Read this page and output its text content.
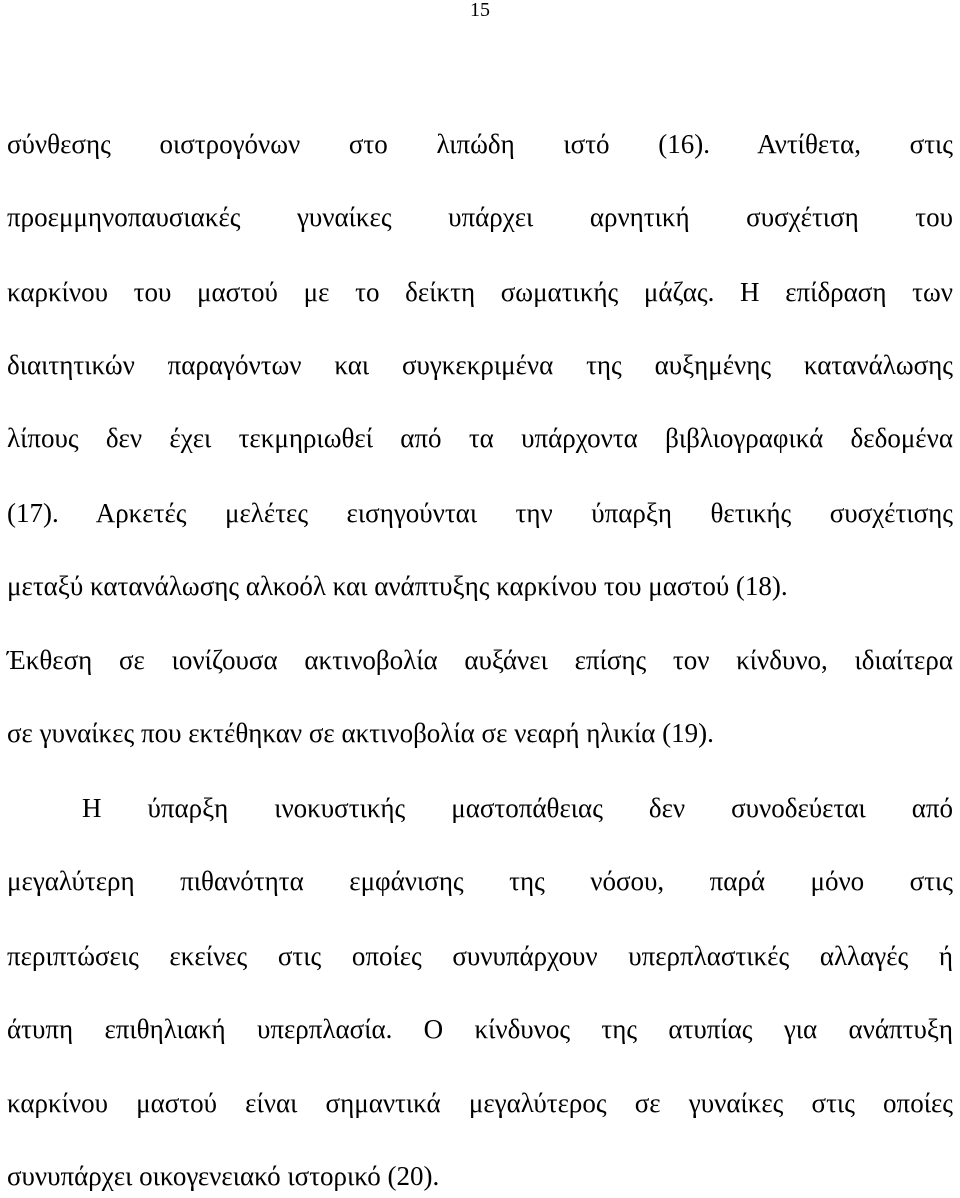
15
σύνθεσης οιστρογόνων στο λιπώδη ιστό (16). Αντίθετα, στις
προεμμηνοπαυσιακές γυναίκες υπάρχει αρνητική συσχέτιση του
καρκίνου του μαστού με το δείκτη σωματικής μάζας. Η επίδραση των
διαιτητικών παραγόντων και συγκεκριμένα της αυξημένης κατανάλωσης
λίπους δεν έχει τεκμηριωθεί από τα υπάρχοντα βιβλιογραφικά δεδομένα
(17). Αρκετές μελέτες εισηγούνται την ύπαρξη θετικής συσχέτισης
μεταξύ κατανάλωσης αλκοόλ και ανάπτυξης καρκίνου του μαστού (18).
Έκθεση σε ιονίζουσα ακτινοβολία αυξάνει επίσης τον κίνδυνο, ιδιαίτερα
σε γυναίκες που εκτέθηκαν σε ακτινοβολία σε νεαρή ηλικία (19).
Η ύπαρξη ινοκυστικής μαστοπάθειας δεν συνοδεύεται από
μεγαλύτερη πιθανότητα εμφάνισης της νόσου, παρά μόνο στις
περιπτώσεις εκείνες στις οποίες συνυπάρχουν υπερπλαστικές αλλαγές ή
άτυπη επιθηλιακή υπερπλασία. Ο κίνδυνος της ατυπίας για ανάπτυξη
καρκίνου μαστού είναι σημαντικά μεγαλύτερος σε γυναίκες στις οποίες
συνυπάρχει οικογενειακό ιστορικό (20).
